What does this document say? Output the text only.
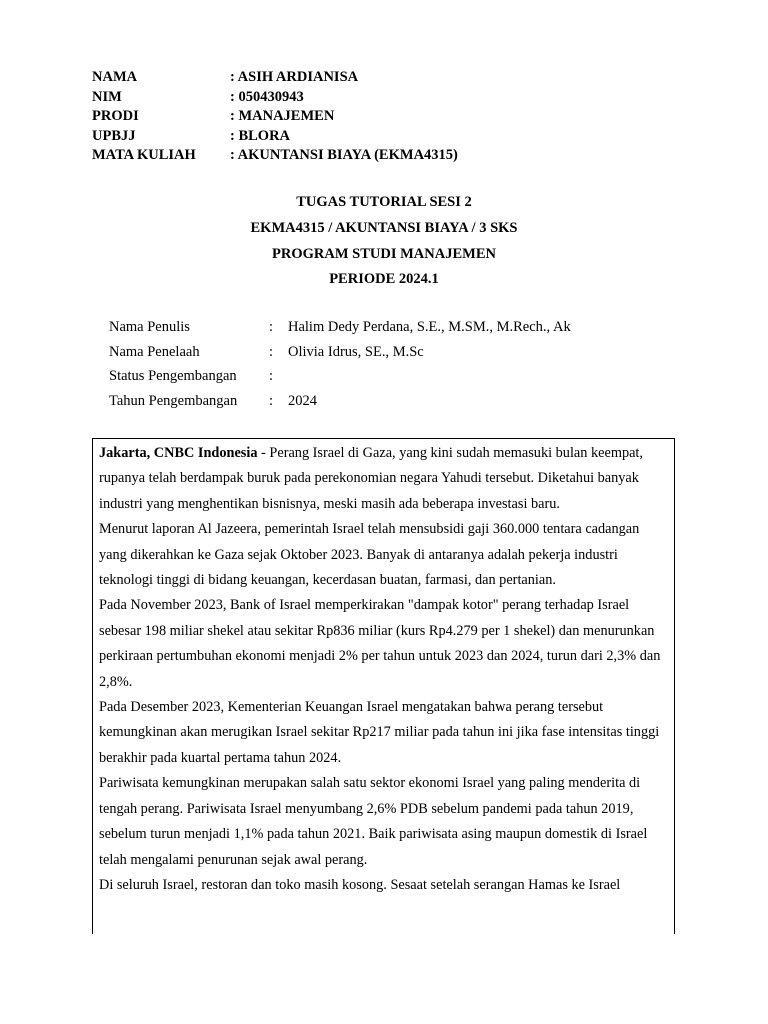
NAMA	: ASIH ARDIANISA
NIM	: 050430943
PRODI	: MANAJEMEN
UPBJJ	: BLORA
MATA KULIAH	: AKUNTANSI BIAYA (EKMA4315)
TUGAS TUTORIAL SESI 2
EKMA4315 / AKUNTANSI BIAYA / 3 SKS
PROGRAM STUDI MANAJEMEN
PERIODE 2024.1
Nama Penulis	:	Halim Dedy Perdana, S.E., M.SM., M.Rech., Ak
Nama Penelaah	:	Olivia Idrus, SE., M.Sc
Status Pengembangan	:
Tahun Pengembangan	:	2024

Jakarta, CNBC Indonesia - Perang Israel di Gaza, yang kini sudah memasuki bulan keempat, rupanya telah berdampak buruk pada perekonomian negara Yahudi tersebut. Diketahui banyak industri yang menghentikan bisnisnya, meski masih ada beberapa investasi baru.

Menurut laporan Al Jazeera, pemerintah Israel telah mensubsidi gaji 360.000 tentara cadangan yang dikerahkan ke Gaza sejak Oktober 2023. Banyak di antaranya adalah pekerja industri teknologi tinggi di bidang keuangan, kecerdasan buatan, farmasi, dan pertanian.

Pada November 2023, Bank of Israel memperkirakan "dampak kotor" perang terhadap Israel sebesar 198 miliar shekel atau sekitar Rp836 miliar (kurs Rp4.279 per 1 shekel) dan menurunkan perkiraan pertumbuhan ekonomi menjadi 2% per tahun untuk 2023 dan 2024, turun dari 2,3% dan 2,8%.

Pada Desember 2023, Kementerian Keuangan Israel mengatakan bahwa perang tersebut kemungkinan akan merugikan Israel sekitar Rp217 miliar pada tahun ini jika fase intensitas tinggi berakhir pada kuartal pertama tahun 2024.

Pariwisata kemungkinan merupakan salah satu sektor ekonomi Israel yang paling menderita di tengah perang. Pariwisata Israel menyumbang 2,6% PDB sebelum pandemi pada tahun 2019, sebelum turun menjadi 1,1% pada tahun 2021. Baik pariwisata asing maupun domestik di Israel telah mengalami penurunan sejak awal perang.

Di seluruh Israel, restoran dan toko masih kosong. Sesaat setelah serangan Hamas ke Israel
